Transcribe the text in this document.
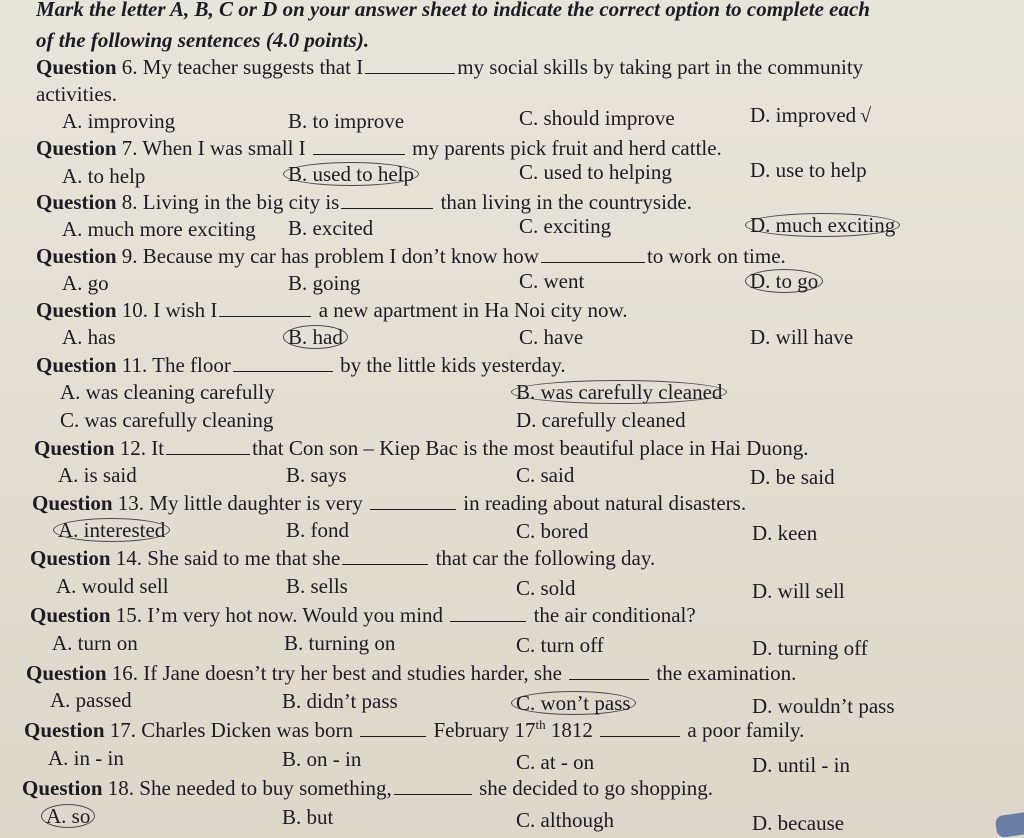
Mark the letter A, B, C or D on your answer sheet to indicate the correct option to complete each
of the following sentences (4.0 points).
Question 6. My teacher suggests that I	my social skills by taking part in the community
activities.
A. improving	B. to improve	C. should improve	D. improved √
Question 7. When I was small I	my parents pick fruit and herd cattle.
A. to help	B. used to help	C. used to helping	D. use to help
Question 8. Living in the big city is	than living in the countryside.
A. much more exciting B. excited	C. exciting	D. much exciting
Question 9. Because my car has problem I don’t know how	to work on time.
A. go	B. going	C. went	D. to go
Question 10. I wish I	a new apartment in Ha Noi city now.
A. has	B. had	C. have	D. will have
Question 11. The floor	by the little kids yesterday.
A. was cleaning carefully	B. was carefully cleaned
C. was carefully cleaning	D. carefully cleaned
Question 12. It	that Con son – Kiep Bac is the most beautiful place in Hai Duong.
A. is said	B. says	C. said	D. be said
Question 13. My little daughter is very	in reading about natural disasters.
A. interested	B. fond	C. bored	D. keen
Question 14. She said to me that she	that car the following day.
A. would sell	B. sells	C. sold	D. will sell
Question 15. I’m very hot now. Would you mind	the air conditional?
A. turn on	B. turning on	C. turn off	D. turning off
Question 16. If Jane doesn’t try her best and studies harder, she	the examination.
A. passed	B. didn’t pass	C. won’t pass	D. wouldn’t pass
Question 17. Charles Dicken was born	February 17th 1812	a poor family.
A. in - in	B. on - in	C. at - on	D. until - in
Question 18. She needed to buy something,	she decided to go shopping.
A. so	B. but	C. although	D. because
